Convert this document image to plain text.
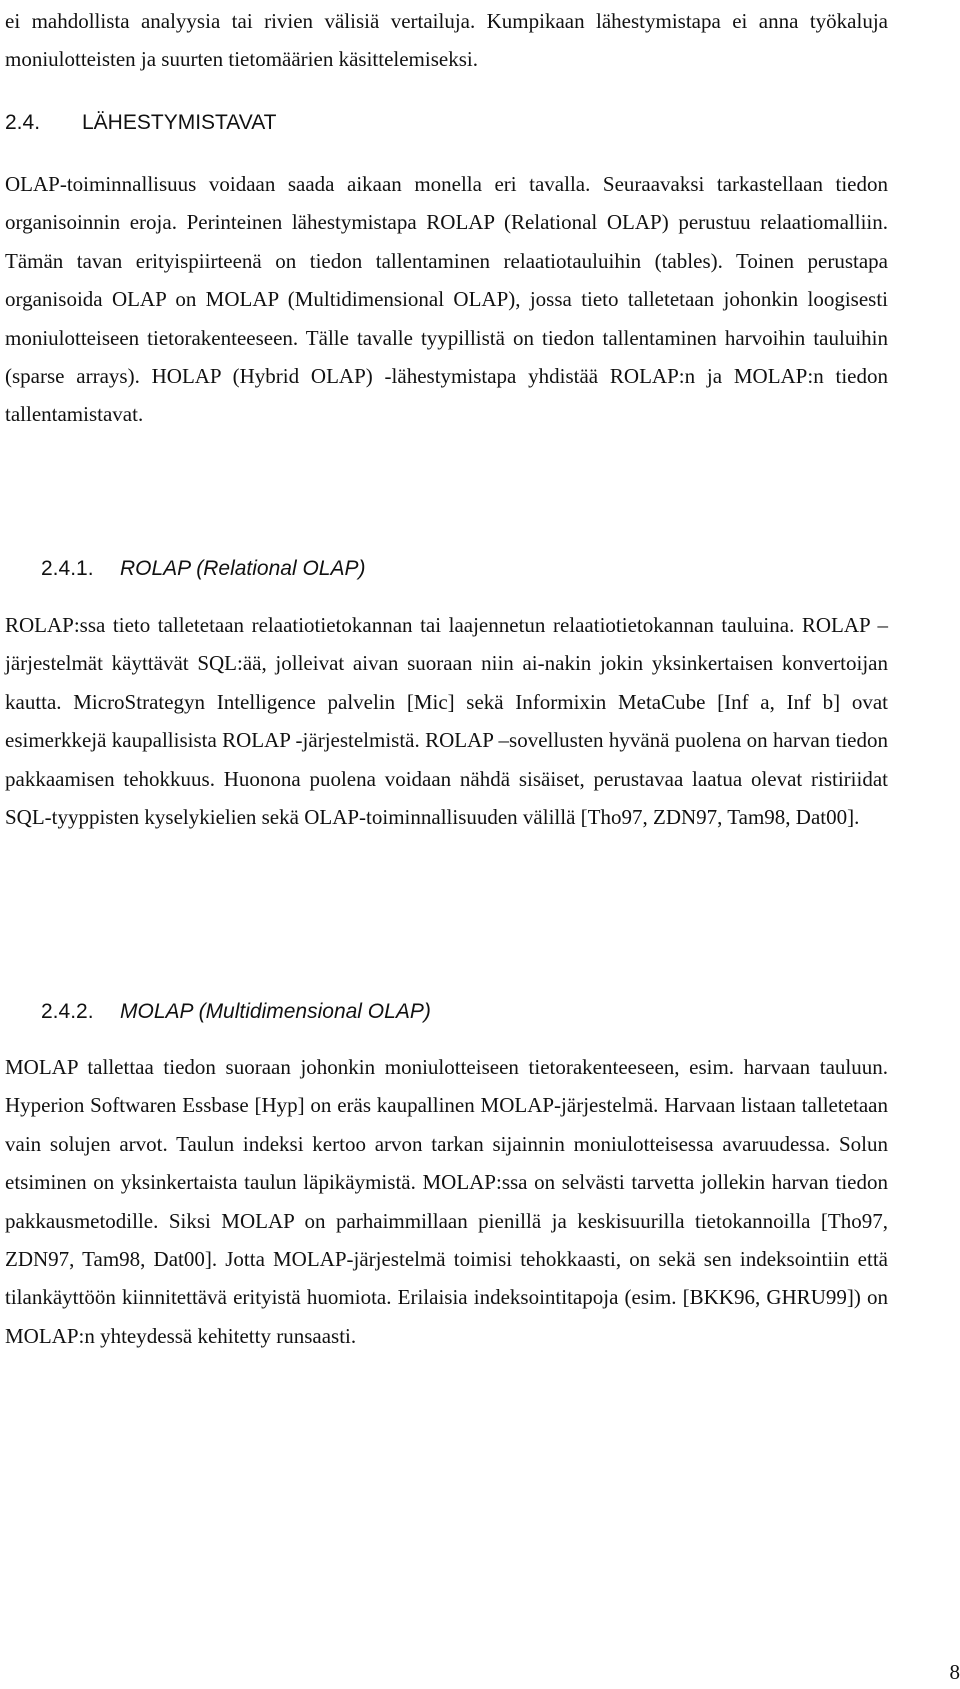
ei mahdollista analyysia tai rivien välisiä vertailuja. Kumpikaan lähestymistapa ei anna työkaluja moniulotteisten ja suurten tietomäärien käsittelemiseksi.

2.4. LÄHESTYMISTAVAT

OLAP-toiminnallisuus voidaan saada aikaan monella eri tavalla. Seuraavaksi tarkastellaan tiedon organisoinnin eroja. Perinteinen lähestymistapa ROLAP (Relational OLAP) perustuu relaatiomalliin. Tämän tavan erityispiirteenä on tiedon tallentaminen relaatiotauluihin (tables). Toinen perustapa organisoida OLAP on MOLAP (Multidimensional OLAP), jossa tieto talletetaan johonkin loogisesti moniulotteiseen tietorakenteeseen. Tälle tavalle tyypillistä on tiedon tallentaminen harvoihin tauluihin (sparse arrays). HOLAP (Hybrid OLAP) -lähestymistapa yhdistää ROLAP:n ja MOLAP:n tiedon tallentamistavat.

2.4.1. ROLAP (Relational OLAP)

ROLAP:ssa tieto talletetaan relaatiotietokannan tai laajennetun relaatiotietokannan tauluina. ROLAP –järjestelmät käyttävät SQL:ää, jolleivat aivan suoraan niin ai-nakin jokin yksinkertaisen konvertoijan kautta. MicroStrategyn Intelligence palvelin [Mic] sekä Informixin MetaCube [Inf a, Inf b] ovat esimerkkejä kaupallisista ROLAP -järjestelmistä. ROLAP –sovellusten hyvänä puolena on harvan tiedon pakkaamisen tehokkuus. Huonona puolena voidaan nähdä sisäiset, perustavaa laatua olevat ristiriidat SQL-tyyppisten kyselykielien sekä OLAP-toiminnallisuuden välillä [Tho97, ZDN97, Tam98, Dat00].

2.4.2. MOLAP (Multidimensional OLAP)

MOLAP tallettaa tiedon suoraan johonkin moniulotteiseen tietorakenteeseen, esim. harvaan tauluun. Hyperion Softwaren Essbase [Hyp] on eräs kaupallinen MOLAP-järjestelmä. Harvaan listaan talletetaan vain solujen arvot. Taulun indeksi kertoo arvon tarkan sijainnin moniulotteisessa avaruudessa. Solun etsiminen on yksinkertaista taulun läpikäymistä. MOLAP:ssa on selvästi tarvetta jollekin harvan tiedon pakkausmetodille. Siksi MOLAP on parhaimmillaan pienillä ja keskisuurilla tietokannoilla [Tho97, ZDN97, Tam98, Dat00]. Jotta MOLAP-järjestelmä toimisi tehokkaasti, on sekä sen indeksointiin että tilankäyttöön kiinnitettävä erityistä huomiota. Erilaisia indeksointitapoja (esim. [BKK96, GHRU99]) on MOLAP:n yhteydessä kehitetty runsaasti.

8
